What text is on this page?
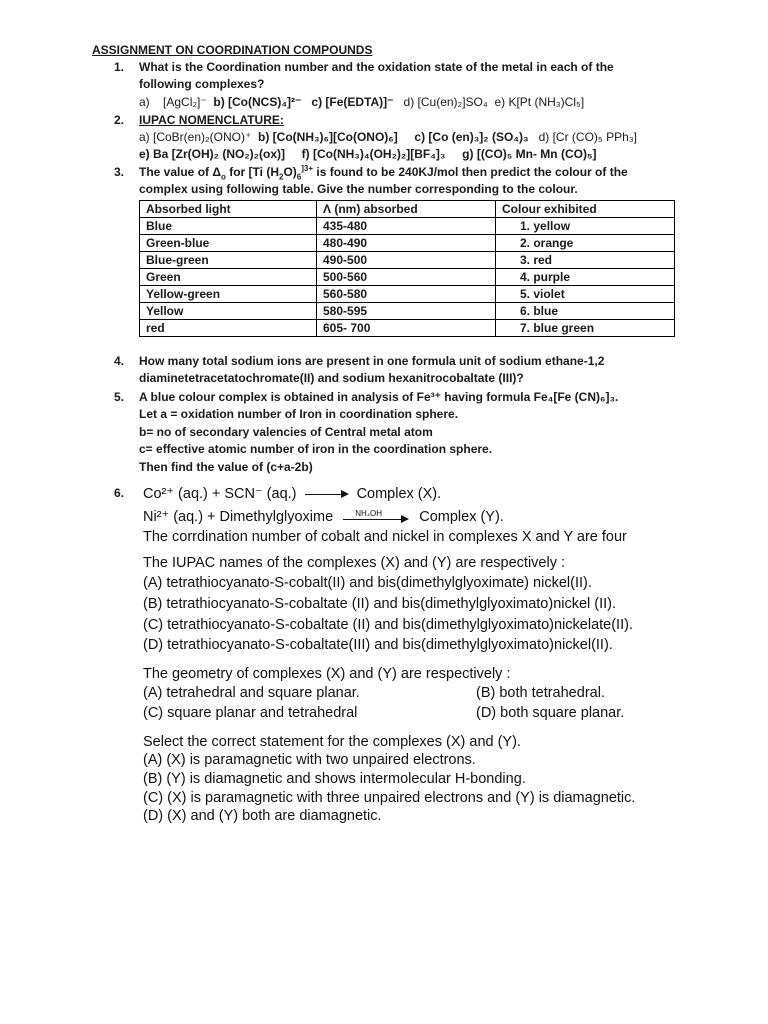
ASSIGNMENT ON COORDINATION COMPOUNDS
1. What is the Coordination number and the oxidation state of the metal in each of the
following complexes?
a) [AgCl₂]⁻ b) [Co(NCS)₄]²⁻ c) [Fe(EDTA)]⁻ d) [Cu(en)₂]SO₄ e) K[Pt (NH₃)Cl₅]
2. IUPAC NOMENCLATURE:
a) [CoBr(en)₂(ONO)⁺ b) [Co(NH₃)₆][Co(ONO)₆] c) [Co (en)₃]₂ (SO₄)₃ d) [Cr (CO)₅ PPh₃]
e) Ba [Zr(OH)₂ (NO₂)₂(ox)] f) [Co(NH₃)₄(OH₂)₂][BF₄]₃ g) [(CO)₅ Mn- Mn (CO)₅]
3. The value of $\Delta_o$ for [Ti $(H_2O)_6^{]3+}$ is found to be 240KJ/mol then predict the colour of the
complex using following table. Give the number corresponding to the colour.
Absorbed light	Λ (nm) absorbed	Colour exhibited
Blue	435-480	1. yellow
Green-blue	480-490	2. orange
Blue-green	490-500	3. red
Green	500-560	4. purple
Yellow-green	560-580	5. violet
Yellow	580-595	6. blue
red	605- 700	7. blue green
4. How many total sodium ions are present in one formula unit of sodium ethane-1,2
diaminetetracetatochromate(II) and sodium hexanitrocobaltate (III)?
5. A blue colour complex is obtained in analysis of Fe³⁺ having formula Fe₄[Fe (CN)₆]₃.
Let a = oxidation number of Iron in coordination sphere.
b= no of secondary valencies of Central metal atom
c= effective atomic number of iron in the coordination sphere.
Then find the value of (c+a-2b)
6. Co²⁺ (aq.) + SCN⁻ (aq.)	Complex (X).
Ni²⁺ (aq.) + Dimethylglyoxime	NH₄OH	Complex (Y).
The corrdination number of cobalt and nickel in complexes X and Y are four
The IUPAC names of the complexes (X) and (Y) are respectively :
(A) tetrathiocyanato-S-cobalt(II) and bis(dimethylglyoximate) nickel(II).
(B) tetrathiocyanato-S-cobaltate (II) and bis(dimethylglyoximato)nickel (II).
(C) tetrathiocyanato-S-cobaltate (II) and bis(dimethylglyoximato)nickelate(II).
(D) tetrathiocyanato-S-cobaltate(III) and bis(dimethylglyoximato)nickel(II).
The geometry of complexes (X) and (Y) are respectively :
(A) tetrahedral and square planar.	(B) both tetrahedral.
(C) square planar and tetrahedral	(D) both square planar.
Select the correct statement for the complexes (X) and (Y).
(A) (X) is paramagnetic with two unpaired electrons.
(B) (Y) is diamagnetic and shows intermolecular H-bonding.
(C) (X) is paramagnetic with three unpaired electrons and (Y) is diamagnetic.
(D) (X) and (Y) both are diamagnetic.
